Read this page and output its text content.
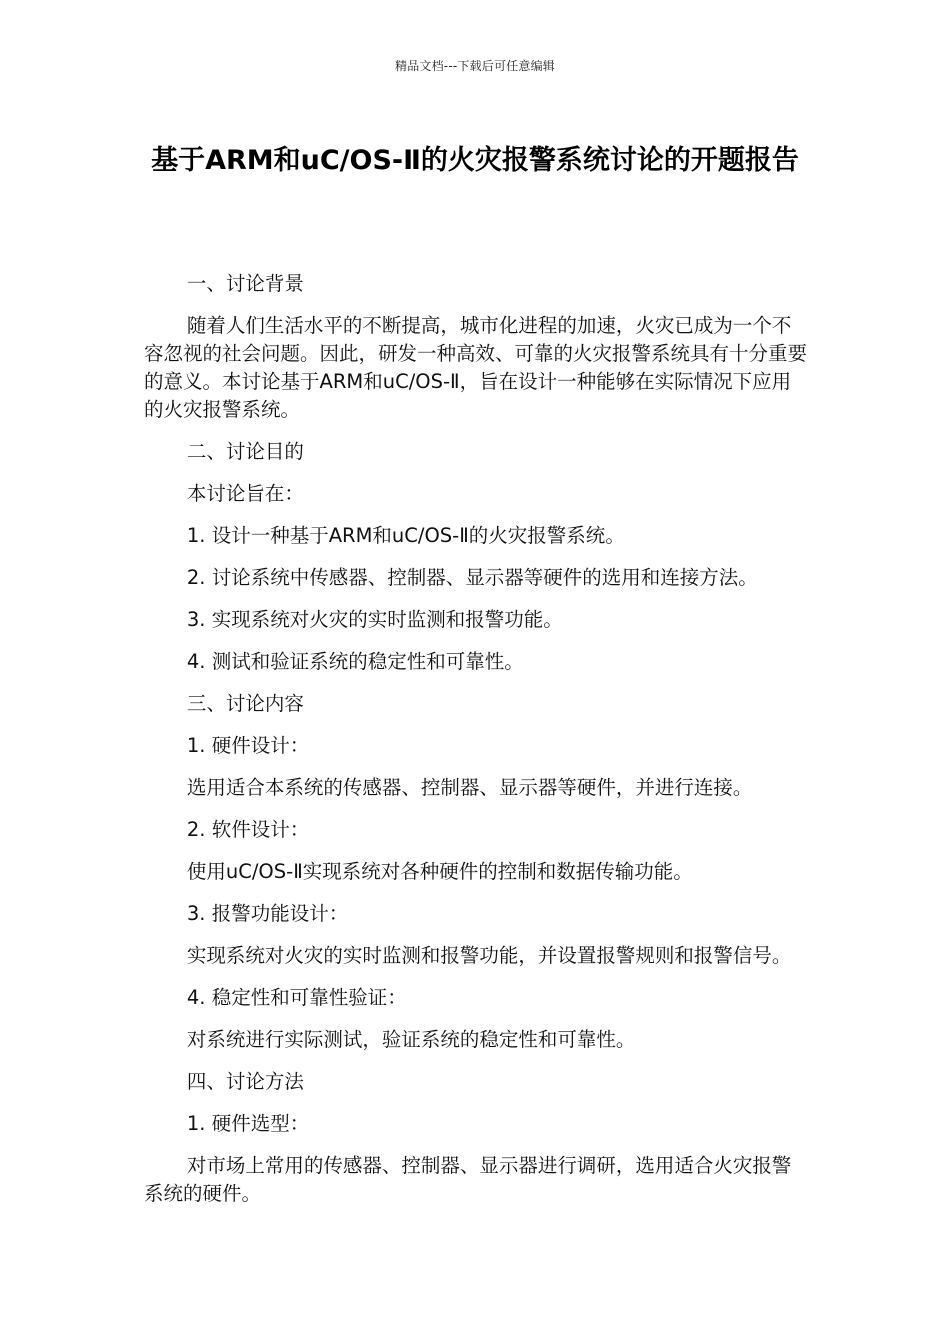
精品文档---下载后可任意编辑
基于ARM和uC/OS-Ⅱ的火灾报警系统讨论的开题报告

一、讨论背景

随着人们生活水平的不断提高，城市化进程的加速，火灾已成为一个不容忽视的社会问题。因此，研发一种高效、可靠的火灾报警系统具有十分重要的意义。本讨论基于ARM和uC/OS-Ⅱ，旨在设计一种能够在实际情况下应用的火灾报警系统。

二、讨论目的

本讨论旨在：

1. 设计一种基于ARM和uC/OS-Ⅱ的火灾报警系统。

2. 讨论系统中传感器、控制器、显示器等硬件的选用和连接方法。

3. 实现系统对火灾的实时监测和报警功能。

4. 测试和验证系统的稳定性和可靠性。

三、讨论内容

1. 硬件设计：

选用适合本系统的传感器、控制器、显示器等硬件，并进行连接。

2. 软件设计：

使用uC/OS-Ⅱ实现系统对各种硬件的控制和数据传输功能。

3. 报警功能设计：

实现系统对火灾的实时监测和报警功能，并设置报警规则和报警信号。

4. 稳定性和可靠性验证：

对系统进行实际测试，验证系统的稳定性和可靠性。

四、讨论方法

1. 硬件选型：

对市场上常用的传感器、控制器、显示器进行调研，选用适合火灾报警系统的硬件。
